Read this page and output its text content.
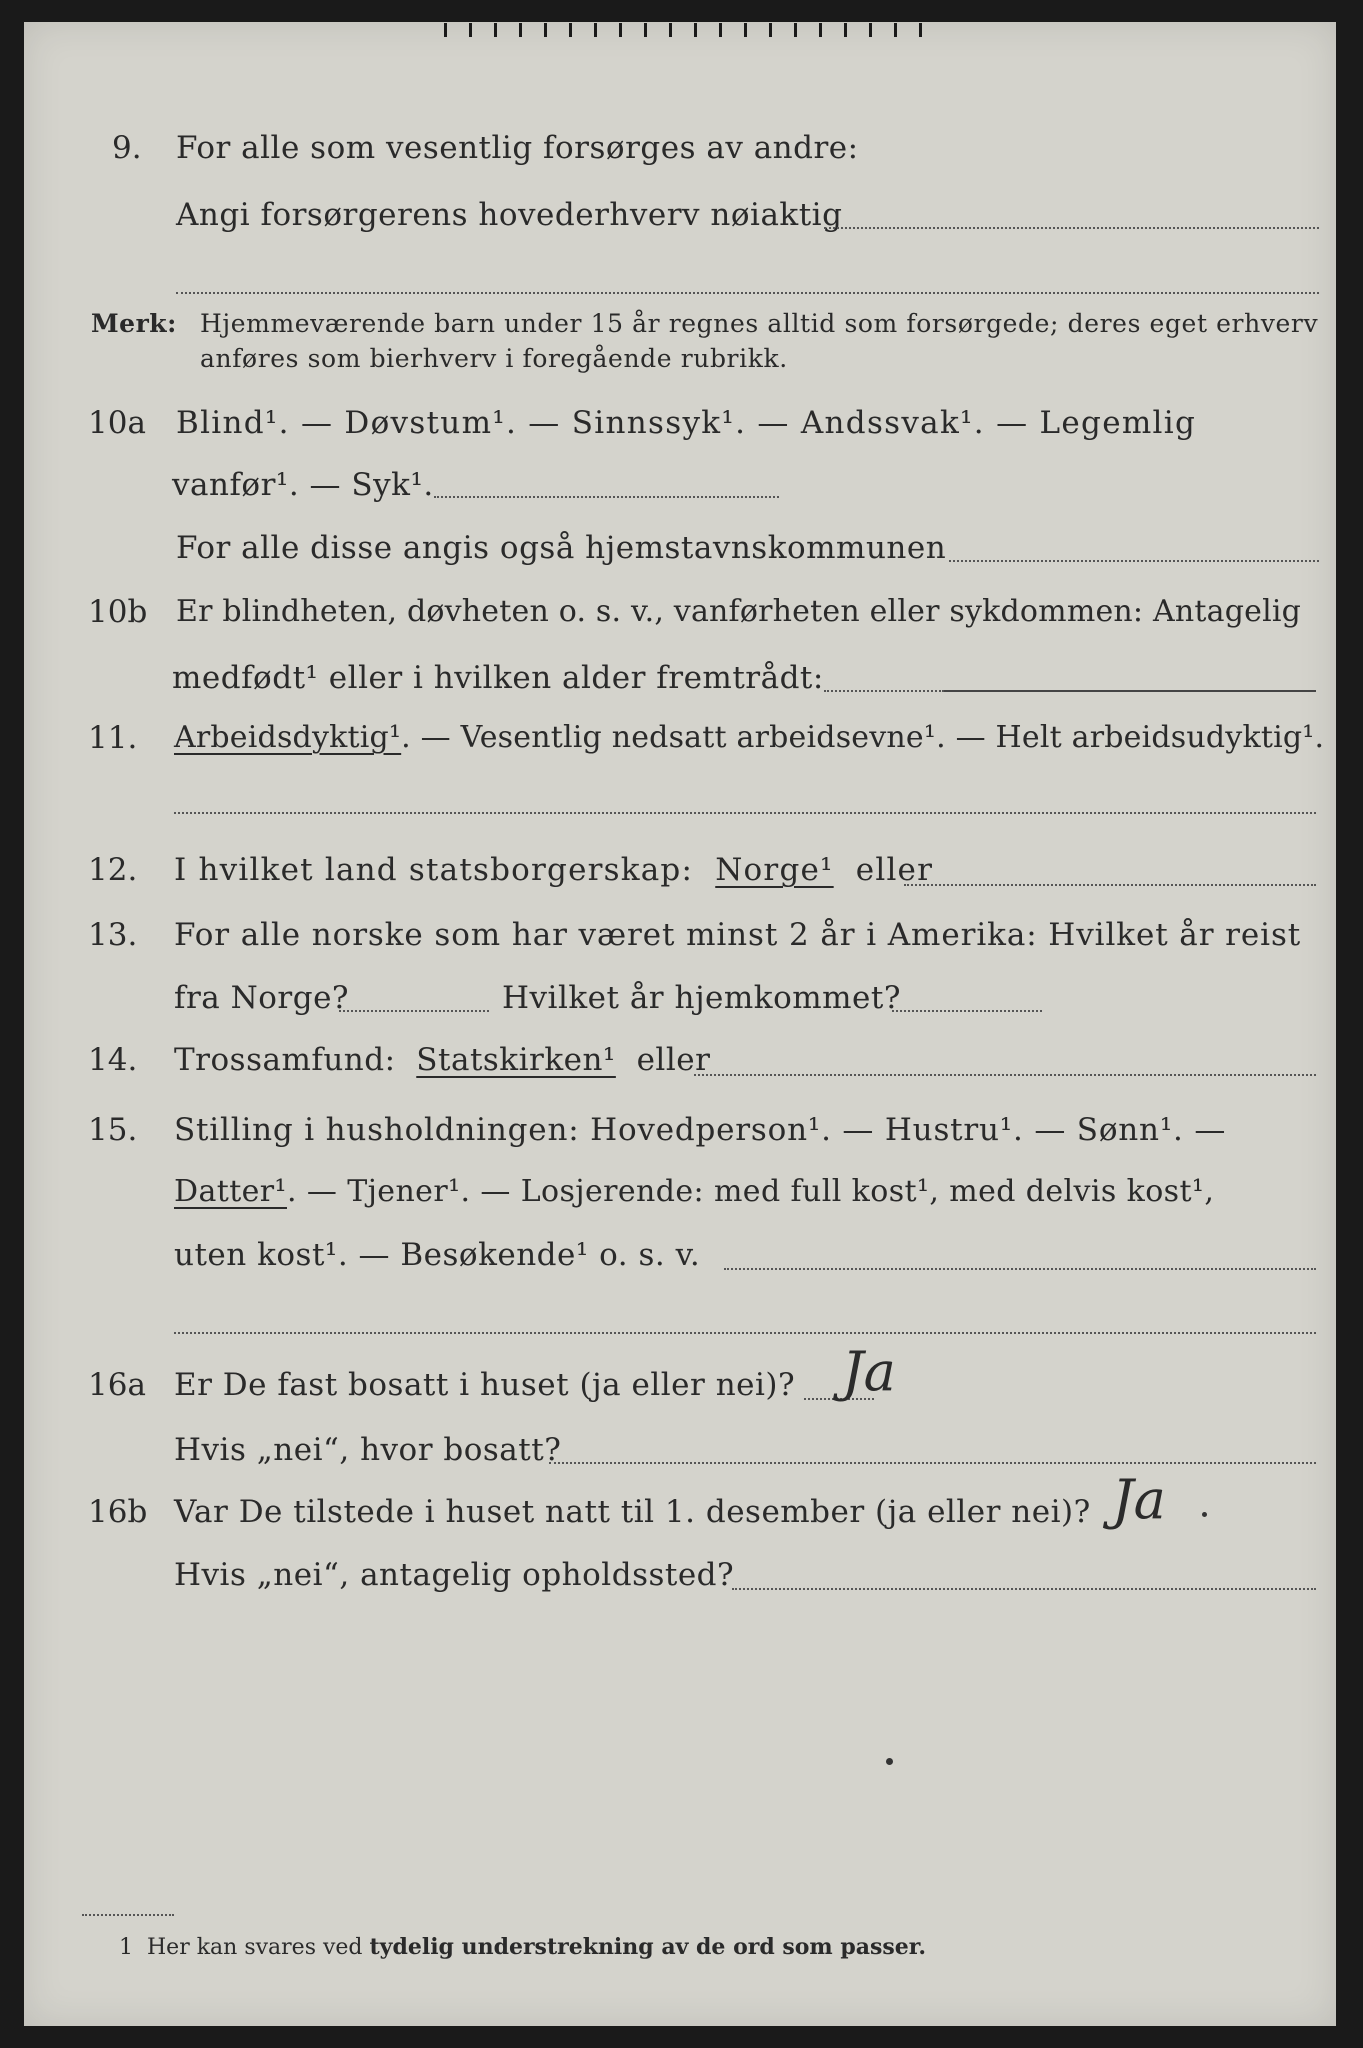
9. For alle som vesentlig forsørges av andre:
Angi forsørgerens hovederhverv nøiaktig
Merk: Hjemmeværende barn under 15 år regnes alltid som forsørgede; deres eget erhverv
anføres som bierhverv i foregående rubrikk.
10a Blind¹. — Døvstum¹. — Sinnssyk¹. — Andssvak¹. — Legemlig
vanfør¹. — Syk¹.
For alle disse angis også hjemstavnskommunen
10b Er blindheten, døvheten o. s. v., vanførheten eller sykdommen: Antagelig
medfødt¹ eller i hvilken alder fremtrådt:
11. Arbeidsdyktig¹. — Vesentlig nedsatt arbeidsevne¹. — Helt arbeidsudyktig¹.
12. I hvilket land statsborgerskap: Norge¹ eller
13. For alle norske som har været minst 2 år i Amerika: Hvilket år reist
fra Norge?	Hvilket år hjemkommet?
14. Trossamfund: Statskirken¹ eller
15. Stilling i husholdningen: Hovedperson¹. — Hustru¹. — Sønn¹. —
Datter¹. — Tjener¹. — Losjerende: med full kost¹, med delvis kost¹,
uten kost¹. — Besøkende¹ o. s. v.
16a Er De fast bosatt i huset (ja eller nei)? Ja
Hvis „nei“, hvor bosatt?
16b Var De tilstede i huset natt til 1. desember (ja eller nei)? Ja
Hvis „nei“, antagelig opholdssted?
1 Her kan svares ved tydelig understrekning av de ord som passer.
